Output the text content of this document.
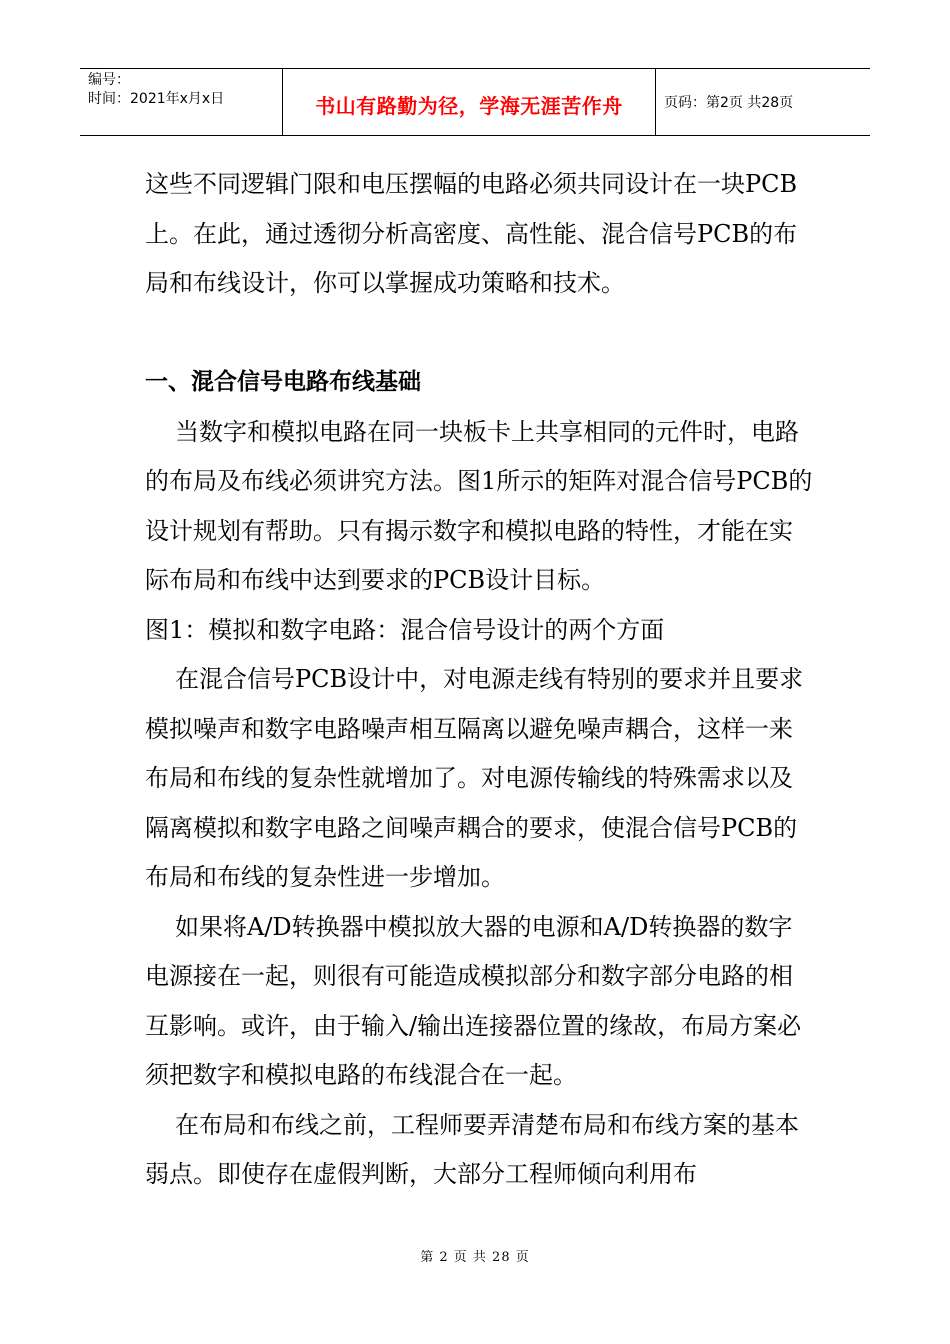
编号：
时间：2021年x月x日	书山有路勤为径，学海无涯苦作舟	页码：第2页 共28页

这些不同逻辑门限和电压摆幅的电路必须共同设计在一块PCB上。在此，通过透彻分析高密度、高性能、混合信号PCB的布局和布线设计，你可以掌握成功策略和技术。

一、混合信号电路布线基础

当数字和模拟电路在同一块板卡上共享相同的元件时，电路的布局及布线必须讲究方法。图1所示的矩阵对混合信号PCB的设计规划有帮助。只有揭示数字和模拟电路的特性，才能在实际布局和布线中达到要求的PCB设计目标。

图1：模拟和数字电路：混合信号设计的两个方面

在混合信号PCB设计中，对电源走线有特别的要求并且要求模拟噪声和数字电路噪声相互隔离以避免噪声耦合，这样一来布局和布线的复杂性就增加了。对电源传输线的特殊需求以及隔离模拟和数字电路之间噪声耦合的要求，使混合信号PCB的布局和布线的复杂性进一步增加。

如果将A/D转换器中模拟放大器的电源和A/D转换器的数字电源接在一起，则很有可能造成模拟部分和数字部分电路的相互影响。或许，由于输入/输出连接器位置的缘故，布局方案必须把数字和模拟电路的布线混合在一起。

在布局和布线之前，工程师要弄清楚布局和布线方案的基本弱点。即使存在虚假判断，大部分工程师倾向利用布

第 2 页 共 28 页
